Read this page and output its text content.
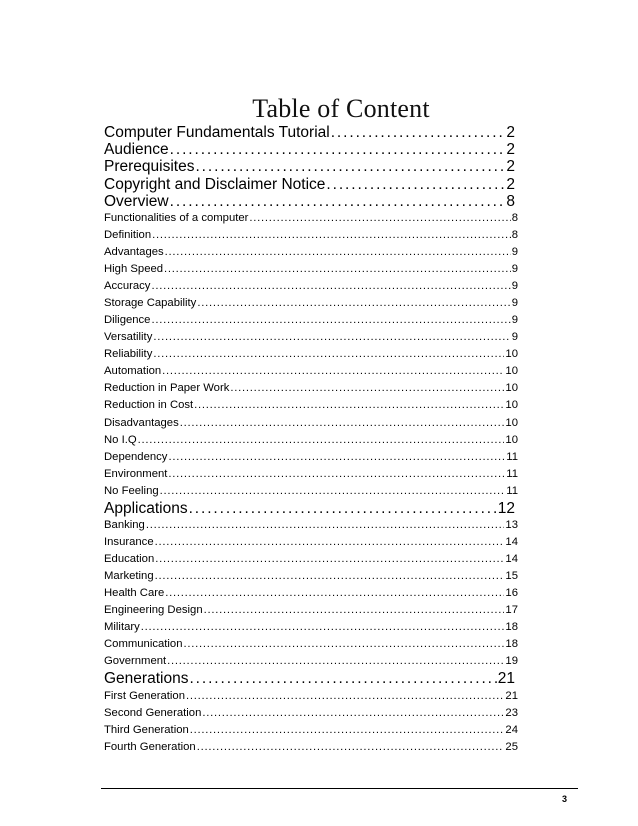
Table of Content
Computer Fundamentals Tutorial . . .	2
Audience . . .	2
Prerequisites . . .	2
Copyright and Disclaimer Notice . . .	2
Overview . . .	8
Functionalities of a computer . . .	8
Definition . . .	8
Advantages . . .	9
High Speed . . .	9
Accuracy . . .	9
Storage Capability . . .	9
Diligence . . .	9
Versatility . . .	9
Reliability . . .	10
Automation . . .	10
Reduction in Paper Work . . .	10
Reduction in Cost . . .	10
Disadvantages . . .	10
No I.Q . . .	10
Dependency . . .	11
Environment . . .	11
No Feeling . . .	11
Applications . . .	12
Banking . . .	13
Insurance . . .	14
Education . . .	14
Marketing . . .	15
Health Care . . .	16
Engineering Design . . .	17
Military . . .	18
Communication . . .	18
Government . . .	19
Generations . . .	21
First Generation . . .	21
Second Generation . . .	23
Third Generation . . .	24
Fourth Generation . . .	25
3
